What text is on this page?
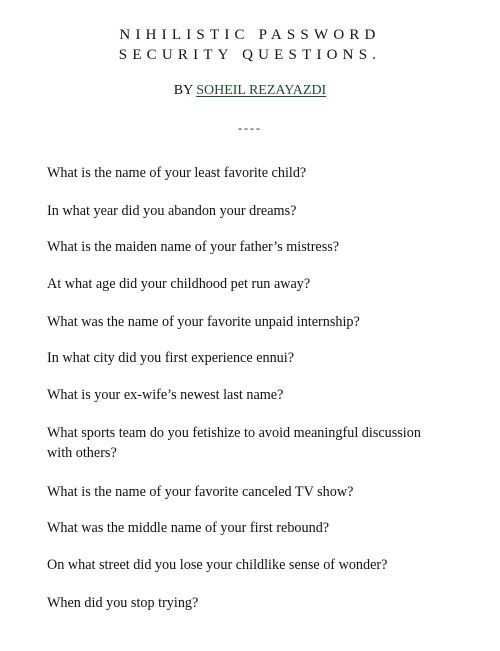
NIHILISTIC PASSWORD
SECURITY QUESTIONS.

BY SOHEIL REZAYAZDI

----
What is the name of your least favorite child?
In what year did you abandon your dreams?
What is the maiden name of your father’s mistress?
At what age did your childhood pet run away?
What was the name of your favorite unpaid internship?
In what city did you first experience ennui?
What is your ex-wife’s newest last name?
What sports team do you fetishize to avoid meaningful discussion with others?
What is the name of your favorite canceled TV show?
What was the middle name of your first rebound?
On what street did you lose your childlike sense of wonder?
When did you stop trying?
